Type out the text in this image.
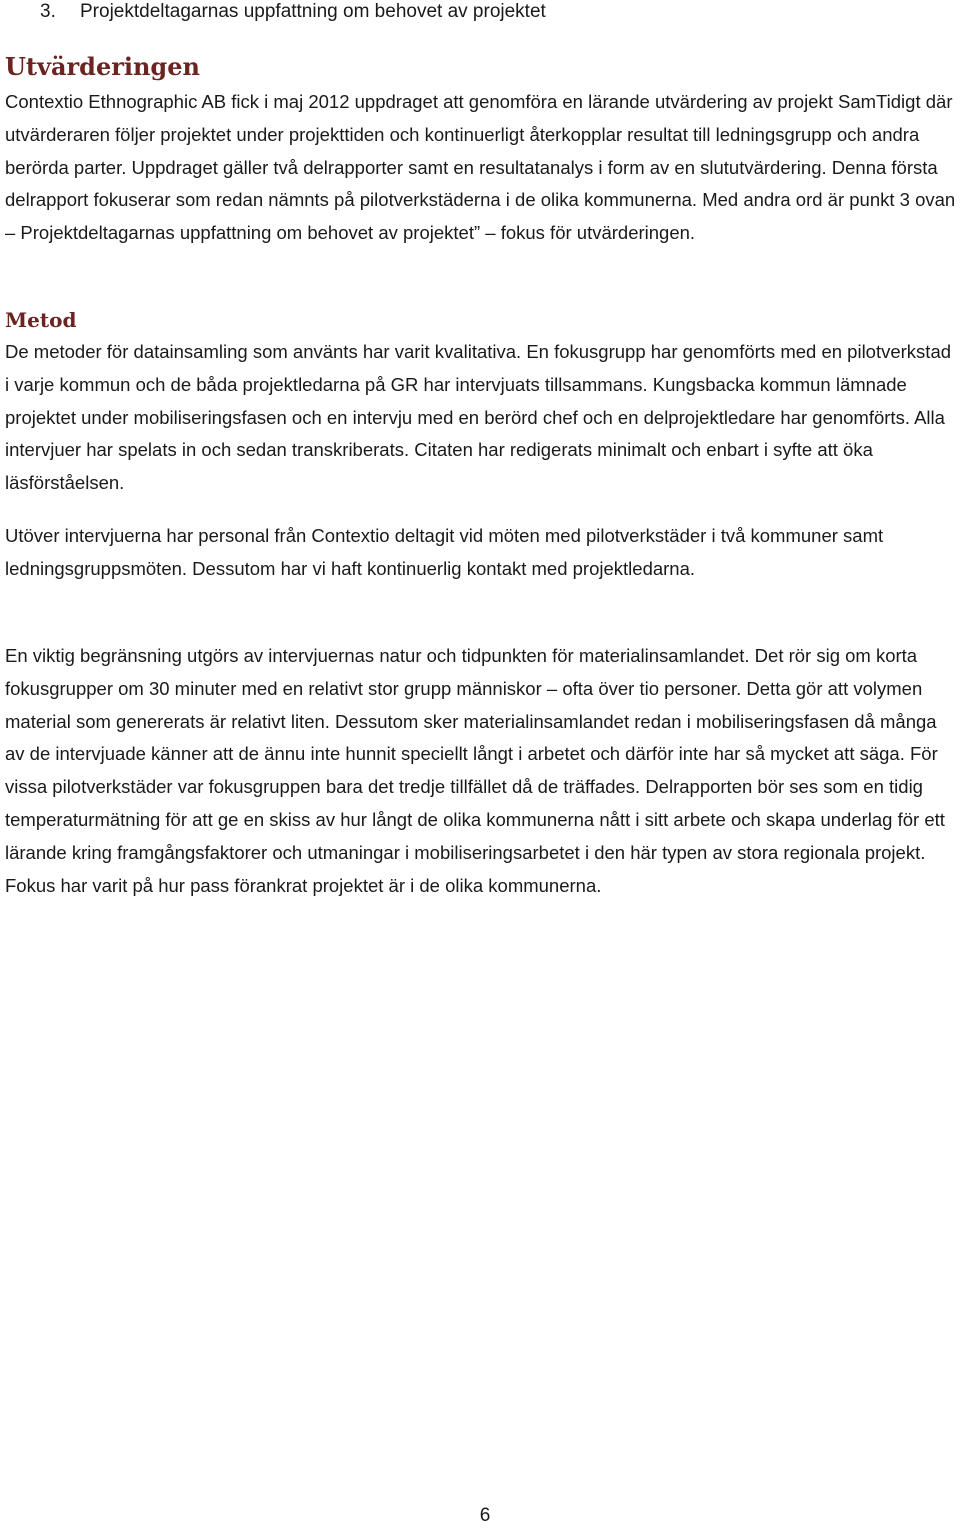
3. Projektdeltagarnas uppfattning om behovet av projektet
Utvärderingen

Contextio Ethnographic AB fick i maj 2012 uppdraget att genomföra en lärande utvärdering av projekt SamTidigt där utvärderaren följer projektet under projekttiden och kontinuerligt återkopplar resultat till ledningsgrupp och andra berörda parter. Uppdraget gäller två delrapporter samt en resultatanalys i form av en slututvärdering. Denna första delrapport fokuserar som redan nämnts på pilotverkstäderna i de olika kommunerna. Med andra ord är punkt 3 ovan – Projektdeltagarnas uppfattning om behovet av projektet” – fokus för utvärderingen.

Metod

De metoder för datainsamling som använts har varit kvalitativa. En fokusgrupp har genomförts med en pilotverkstad i varje kommun och de båda projektledarna på GR har intervjuats tillsammans. Kungsbacka kommun lämnade projektet under mobiliseringsfasen och en intervju med en berörd chef och en delprojektledare har genomförts. Alla intervjuer har spelats in och sedan transkriberats. Citaten har redigerats minimalt och enbart i syfte att öka läsförståelsen.

Utöver intervjuerna har personal från Contextio deltagit vid möten med pilotverkstäder i två kommuner samt ledningsgruppsmöten. Dessutom har vi haft kontinuerlig kontakt med projektledarna.

En viktig begränsning utgörs av intervjuernas natur och tidpunkten för materialinsamlandet. Det rör sig om korta fokusgrupper om 30 minuter med en relativt stor grupp människor – ofta över tio personer. Detta gör att volymen material som genererats är relativt liten. Dessutom sker materialinsamlandet redan i mobiliseringsfasen då många av de intervjuade känner att de ännu inte hunnit speciellt långt i arbetet och därför inte har så mycket att säga. För vissa pilotverkstäder var fokusgruppen bara det tredje tillfället då de träffades. Delrapporten bör ses som en tidig temperaturmätning för att ge en skiss av hur långt de olika kommunerna nått i sitt arbete och skapa underlag för ett lärande kring framgångsfaktorer och utmaningar i mobiliseringsarbetet i den här typen av stora regionala projekt. Fokus har varit på hur pass förankrat projektet är i de olika kommunerna.

6
